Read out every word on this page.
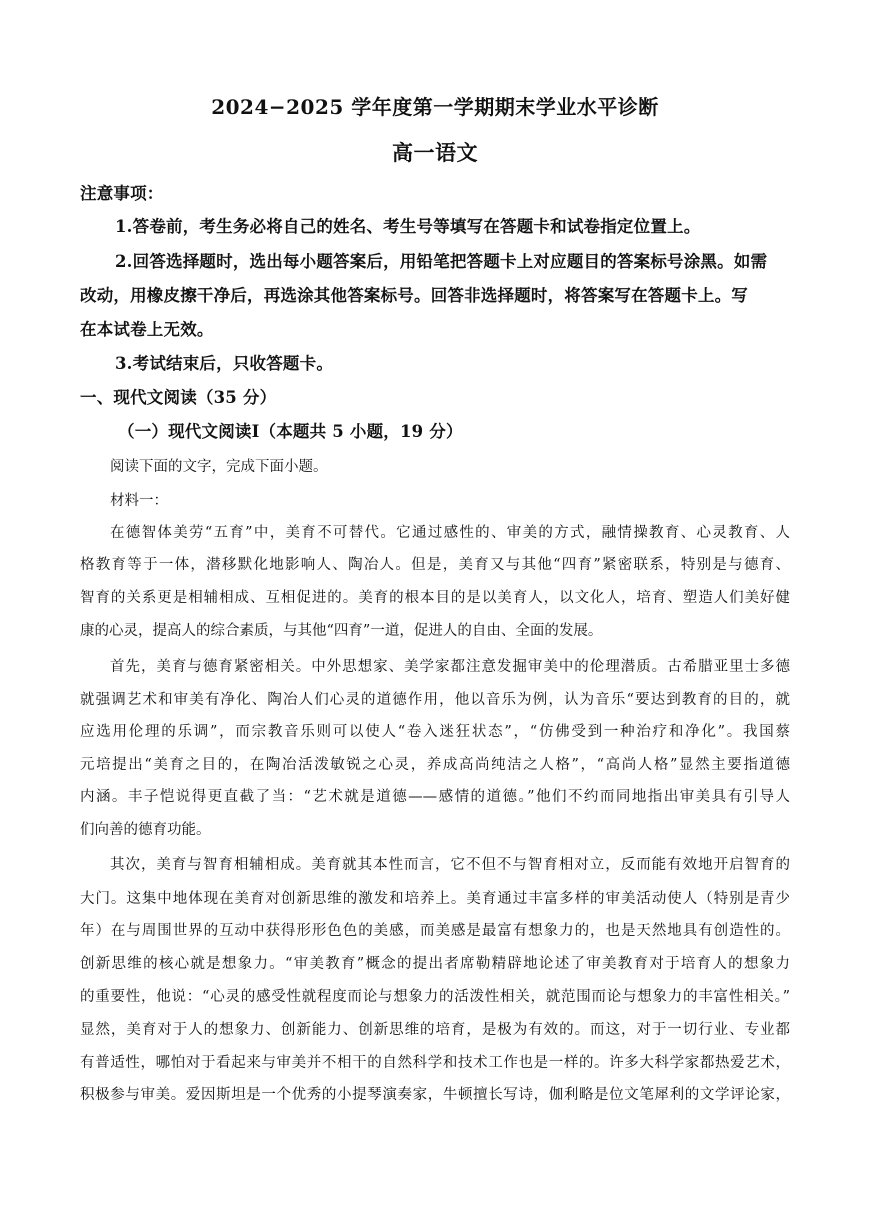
2024−2025 学年度第一学期期末学业水平诊断
高一语文
注意事项：
1.答卷前，考生务必将自己的姓名、考生号等填写在答题卡和试卷指定位置上。
2.回答选择题时，选出每小题答案后，用铅笔把答题卡上对应题目的答案标号涂黑。如需
改动，用橡皮擦干净后，再选涂其他答案标号。回答非选择题时，将答案写在答题卡上。写
在本试卷上无效。
3.考试结束后，只收答题卡。
一、现代文阅读（35 分）
（一）现代文阅读Ⅰ（本题共 5 小题，19 分）
阅读下面的文字，完成下面小题。
材料一：
在德智体美劳“五育”中，美育不可替代。它通过感性的、审美的方式，融情操教育、心灵教育、人
格教育等于一体，潜移默化地影响人、陶冶人。但是，美育又与其他“四育”紧密联系，特别是与德育、
智育的关系更是相辅相成、互相促进的。美育的根本目的是以美育人，以文化人，培育、塑造人们美好健
康的心灵，提高人的综合素质，与其他“四育”一道，促进人的自由、全面的发展。
首先，美育与德育紧密相关。中外思想家、美学家都注意发掘审美中的伦理潜质。古希腊亚里士多德
就强调艺术和审美有净化、陶冶人们心灵的道德作用，他以音乐为例，认为音乐“要达到教育的目的，就
应选用伦理的乐调”，而宗教音乐则可以使人“卷入迷狂状态”，“仿佛受到一种治疗和净化”。我国蔡
元培提出“美育之目的，在陶冶活泼敏锐之心灵，养成高尚纯洁之人格”，“高尚人格”显然主要指道德
内涵。丰子恺说得更直截了当：“艺术就是道德——感情的道德。”他们不约而同地指出审美具有引导人
们向善的德育功能。
其次，美育与智育相辅相成。美育就其本性而言，它不但不与智育相对立，反而能有效地开启智育的
大门。这集中地体现在美育对创新思维的激发和培养上。美育通过丰富多样的审美活动使人（特别是青少
年）在与周围世界的互动中获得形形色色的美感，而美感是最富有想象力的，也是天然地具有创造性的。
创新思维的核心就是想象力。“审美教育”概念的提出者席勒精辟地论述了审美教育对于培育人的想象力
的重要性，他说：“心灵的感受性就程度而论与想象力的活泼性相关，就范围而论与想象力的丰富性相关。”
显然，美育对于人的想象力、创新能力、创新思维的培育，是极为有效的。而这，对于一切行业、专业都
有普适性，哪怕对于看起来与审美并不相干的自然科学和技术工作也是一样的。许多大科学家都热爱艺术，
积极参与审美。爱因斯坦是一个优秀的小提琴演奏家，牛顿擅长写诗，伽利略是位文笔犀利的文学评论家，
